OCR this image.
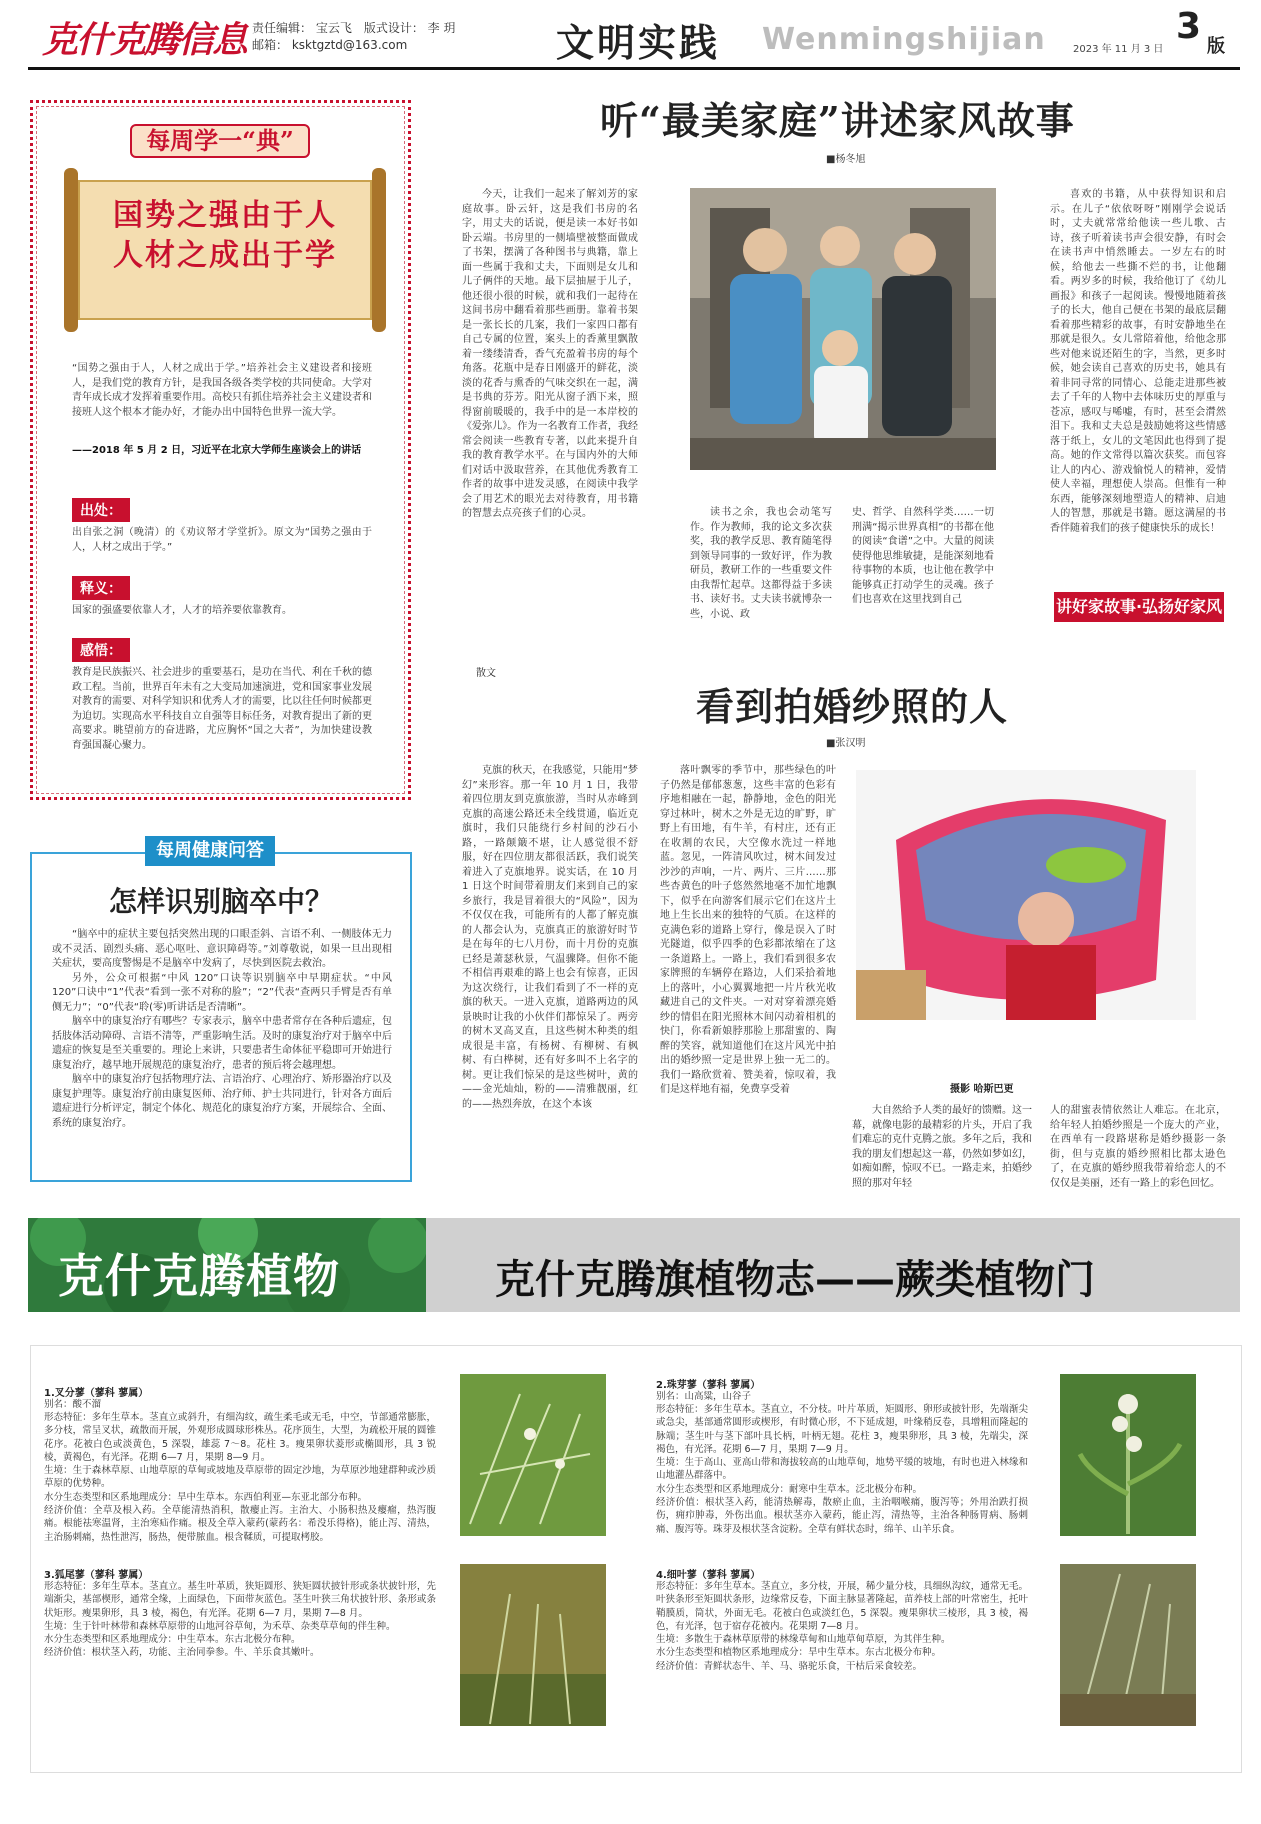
克什克腾信息 责任编辑： 宝云飞　版式设计： 李 玥
邮箱： ksktgztd@163.com	文明实践 Wenmingshijian	2023 年 11 月 3 日
3 版
每周学一“典”
国势之强由于人
人材之成出于学
“国势之强由于人，人材之成出于学。”培养社会主义建设者和接班人，是我们党的教育方针，是我国各级各类学校的共同使命。大学对青年成长成才发挥着重要作用。高校只有抓住培养社会主义建设者和接班人这个根本才能办好，才能办出中国特色世界一流大学。
——2018 年 5 月 2 日，习近平在北京大学师生座谈会上的讲话
出处：
出自张之洞（晚清）的《劝议帑才学堂折》。原文为“国势之强由于人，人材之成出于学。”
释义：
国家的强盛要依靠人才，人才的培养要依靠教育。
感悟：
教育是民族振兴、社会进步的重要基石，是功在当代、利在千秋的德政工程。当前，世界百年未有之大变局加速演进，党和国家事业发展对教育的需要、对科学知识和优秀人才的需要，比以往任何时候都更为迫切。实现高水平科技自立自强等目标任务，对教育提出了新的更高要求。眺望前方的奋进路，尤应胸怀“国之大者”，为加快建设教育强国凝心聚力。
每周健康问答
怎样识别脑卒中？
“脑卒中的症状主要包括突然出现的口眼歪斜、言语不利、一侧肢体无力或不灵活、剧烈头痛、恶心呕吐、意识障碍等。”刘尊敬说，如果一旦出现相关症状，要高度警惕是不是脑卒中发病了，尽快到医院去救治。
另外，公众可根据“中风 120”口诀等识别脑卒中早期症状。“中风 120”口诀中“1”代表“看到一张不对称的脸”；“2”代表“查两只手臂是否有单侧无力”；“0”代表“聆(零)听讲话是否清晰”。
脑卒中的康复治疗有哪些？专家表示，脑卒中患者常存在各种后遗症，包括肢体活动障碍、言语不清等，严重影响生活。及时的康复治疗对于脑卒中后遗症的恢复是至关重要的。理论上来讲，只要患者生命体征平稳即可开始进行康复治疗，越早地开展规范的康复治疗，患者的预后将会越理想。
脑卒中的康复治疗包括物理疗法、言语治疗、心理治疗、矫形器治疗以及康复护理等。康复治疗前由康复医师、治疗师、护士共同进行，针对各方面后遗症进行分析评定，制定个体化、规范化的康复治疗方案，开展综合、全面、系统的康复治疗。
听“最美家庭”讲述家风故事
■杨冬旭
今天，让我们一起来了解刘芳的家庭故事。卧云轩，这是我们书房的名字，用丈夫的话说，便是读一本好书如卧云端。书房里的一侧墙壁被整面做成了书架，摆满了各种图书与典籍，靠上面一些属于我和丈夫，下面则是女儿和儿子俩伴的天地。最下层抽屉于儿子，他还很小很的时候，就和我们一起待在这间书房中翻看着那些画册。靠着书架是一张长长的几案，我们一家四口都有自己专属的位置，案头上的香薰里飘散着一缕缕清香，香气充盈着书房的每个角落。花瓶中是春日刚盛开的鲜花，淡淡的花香与熏香的气味交织在一起，满是书典的芬芳。阳光从窗子洒下来，照得窗前暖暖的，我手中的是一本岸校的《爱弥儿》。作为一名教育工作者，我经常会阅读一些教育专著，以此来提升自我的教育教学水平。在与国内外的大师们对话中汲取营养，在其他优秀教育工作者的故事中进发灵感，在阅读中我学会了用艺术的眼光去对待教育，用书籍的智慧去点亮孩子们的心灵。	读书之余，我也会动笔写作。作为教师，我的论文多次获奖，我的教学反思、教育随笔得到领导同事的一致好评，作为教研员，教研工作的一些重要文件由我帮忙起草。这都得益于多读书、读好书。丈夫读书就博杂一些，小说、政
史、哲学、自然科学类……一切刑满“揭示世界真相”的书都在他的阅读“食谱”之中。大量的阅读使得他思维敏捷，是能深刻地看待事物的本质，也让他在教学中能够真正打动学生的灵魂。孩子们也喜欢在这里找到自己
喜欢的书籍，从中获得知识和启示。在儿子“依依呀呀”刚刚学会说话时，丈夫就常常给他读一些儿歌、古诗，孩子听着读书声会很安静，有时会在读书声中悄然睡去。一岁左右的时候，给他去一些撕不烂的书，让他翻看。两岁多的时候，我给他订了《幼儿画报》和孩子一起阅读。慢慢地随着孩子的长大，他自己便在书架的最底层翻看着那些精彩的故事，有时安静地坐在那就是很久。女儿常陪着他，给他念那些对他来说还陌生的字，当然，更多时候，她会读自己喜欢的历史书，她具有着非同寻常的同情心、总能走进那些被去了千年的人物中去体味历史的厚重与苍凉，感叹与唏嘘，有时，甚至会潸然泪下。我和丈夫总是鼓励她将这些情感落于纸上，女儿的文笔因此也得到了提高。她的作文常得以篇次获奖。而包容让人的内心、游戏愉悦人的精神，爱情使人幸福，理想使人崇高。但惟有一种东西，能够深刻地塑造人的精神、启迪人的智慧，那就是书籍。愿这满屋的书香伴随着我们的孩子健康快乐的成长！
讲好家故事·弘扬好家风
散文
看到拍婚纱照的人
■张汉明
克旗的秋天，在我感觉，只能用“梦幻”来形容。那一年 10 月 1 日，我带着四位朋友到克旗旅游，当时从赤峰到克旗的高速公路还未全线贯通，临近克旗时，我们只能绕行乡村间的沙石小路，一路颠簸不堪，让人感觉很不舒服，好在四位朋友都很活跃，我们说笑着进入了克旗地界。说实话，在 10 月 1 日这个时间带着朋友们来到自己的家乡旅行，我是冒着很大的“风险”，因为不仅仅在我，可能所有的人都了解克旗的人都会认为，克旗真正的旅游好时节是在每年的七八月份，而十月份的克旗已经是萧瑟秋景，气温骤降。但你不能不相信再艰难的路上也会有惊喜，正因为这次绕行，让我们看到了不一样的克旗的秋天。一进入克旗，道路两边的风景映时让我的小伙伴们都惊呆了。两旁的树木叉高叉直，且这些树木种类的组成很是丰富，有杨树、有柳树、有枫树、有白桦树，还有好多叫不上名字的树。更让我们惊呆的是这些树叶，黄的——金光灿灿，粉的——清雅靓丽，红的——热烈奔放，在这个本该
落叶飘零的季节中，那些绿色的叶子仍然是郁郁葱葱，这些丰富的色彩有序地相融在一起，静静地，金色的阳光穿过林叶，树木之外是无边的旷野，旷野上有田地，有牛羊，有村庄，还有正在收割的农民，大空像水洗过一样地蓝。忽见，一阵清风吹过，树木间发过沙沙的声响，一片、两片、三片……那些杏黄色的叶子悠然然地毫不加忙地飘下，似乎在向游客们展示它们在这片土地上生长出来的独特的气质。在这样的克满色彩的道路上穿行，像是误入了时光隧道，似乎四季的色彩都浓缩在了这一条道路上。一路上，我们看到很多农家牌照的车辆停在路边，人们采拾着地上的落叶，小心翼翼地把一片片秋光收藏进自己的文件夹。一对对穿着漂亮婚纱的情侣在阳光照林木间闪动着相机的快门，你看新娘脖那脸上那甜蜜的、陶醉的笑容，就知道他们在这片风光中拍出的婚纱照一定是世界上独一无二的。我们一路欣赏着、赞美着，惊叹着，我们是这样地有福，免费享受着	摄影 哈斯巴更
大自然给予人类的最好的馈赠。这一幕，就像电影的最精彩的片头，开启了我们难忘的克什克腾之旅。多年之后，我和我的朋友们想起这一幕，仍然如梦如幻，如痴如醉，惊叹不已。一路走来，拍婚纱照的那对年轻
人的甜蜜表情依然让人难忘。在北京，给年轻人拍婚纱照是一个庞大的产业，在西单有一段路堪称是婚纱摄影一条街，但与克旗的婚纱照相比都太逊色了，在克旗的婚纱照我带着给恋人的不仅仅是美丽，还有一路上的彩色回忆。
克什克腾植物	克什克腾旗植物志——蕨类植物门
1.叉分蓼（蓼科 蓼属）
别名：酸不溜
形态特征：多年生草本。茎直立或斜升，有细沟纹，疏生柔毛或无毛，中空，节部通常膨胀，多分枝，常呈叉状，疏散而开展，外观形成圆球形株丛。花序顶生，大型，为疏松开展的圆锥花序。花被白色或淡黄色，5 深裂，雄蕊 7～8。花柱 3。瘦果卵状菱形或椭圆形，具 3 锐棱，黄褐色，有光泽。花期 6—7 月，果期 8—9 月。
生境：生于森林草原、山地草原的草甸或坡地及草原带的固定沙地，为草原沙地建群种或沙质草原的优势种。
水分生态类型和区系地理成分：旱中生草本。东西伯利亚—东亚北部分布种。
经济价值：全草及根入药。全草能清热消积，散瘿止泻。主治大、小肠积热及瘿瘤，热泻腹痛。根能祛寒温肾，主治寒疝作痛。根及全草入蒙药(蒙药名：希没乐得格)，能止泻、清热，主治肠刺痛，热性泄泻，肠热，便带脓血。根含鞣质，可提取栲胶。
2.珠芽蓼（蓼科 蓼属）
别名：山高粱，山谷子
形态特征：多年生草本。茎直立，不分枝。叶片革质，矩圆形、卵形或披针形，先端渐尖或急尖，基部通常圆形或楔形，有时微心形，不下延成翅，叶缘稍反卷，具增粗而隆起的脉端；茎生叶与茎下部叶具长柄，叶柄无翅。花柱 3，瘦果卵形，具 3 棱，先端尖，深褐色，有光泽。花期 6—7 月，果期 7—9 月。
生境：生于高山、亚高山带和海拔较高的山地草甸，地势平缓的坡地，有时也进入林缘和山地灌丛群落中。
水分生态类型和区系地理成分：耐寒中生草本。泛北极分布种。
经济价值：根状茎入药，能清热解毒，散瘀止血，主治咽喉痛，腹泻等；外用治跌打损伤，痈疖肿毒，外伤出血。根状茎亦入蒙药，能止泻，清热等，主治各种肠胃病、肠刺痛、腹泻等。珠芽及根状茎含淀粉。全草有鲜状态时，绵羊、山羊乐食。
3.狐尾蓼（蓼科 蓼属）
形态特征：多年生草本。茎直立。基生叶革质，狭矩圆形、狭矩圆状披针形或条状披针形，先端渐尖，基部楔形，通常全缘，上面绿色，下面带灰蓝色。茎生叶狭三角状披针形、条形或条状矩形。瘦果卵形，具 3 棱，褐色，有光泽。花期 6—7 月，果期 7—8 月。
生境：生于针叶林带和森林草原带的山地河谷草甸，为禾草、杂类草草甸的伴生种。
水分生态类型和区系地理成分：中生草本。东古北极分布种。
经济价值：根状茎入药，功能、主治同拳参。牛、羊乐食其嫩叶。
4.细叶蓼（蓼科 蓼属）
形态特征：多年生草本。茎直立，多分枝，开展，稀少量分枝，具细纵沟纹，通常无毛。叶狭条形至矩圆状条形，边缘常反卷，下面主脉显著隆起，苗养枝上部的叶常密生，托叶鞘膜质，筒状，外面无毛。花被白色或淡红色，5 深裂。瘦果卵状三棱形，具 3 棱，褐色，有光泽，包于宿存花被内。花果期 7—8 月。
生境：多散生于森林草原带的林缘草甸和山地草甸草原，为其伴生种。
水分生态类型和植物区系地理成分：旱中生草本。东古北极分布种。
经济价值：青鲜状态牛、羊、马、骆驼乐食，干枯后采食较差。
